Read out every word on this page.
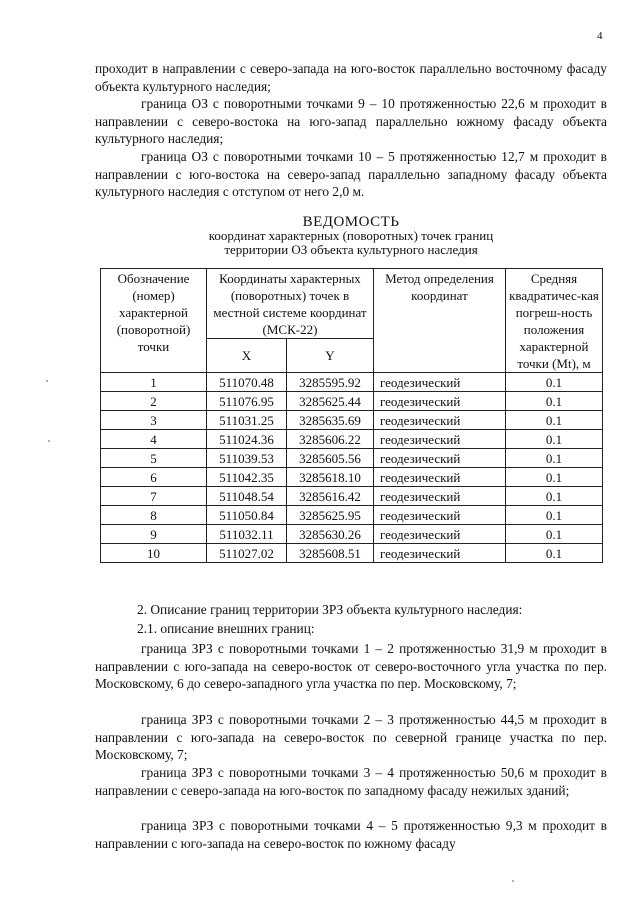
4

проходит в направлении с северо-запада на юго-восток параллельно восточному фасаду объекта культурного наследия;

граница ОЗ с поворотными точками 9 – 10 протяженностью 22,6 м проходит в направлении с северо-востока на юго-запад параллельно южному фасаду объекта культурного наследия;

граница ОЗ с поворотными точками 10 – 5 протяженностью 12,7 м проходит в направлении с юго-востока на северо-запад параллельно западному фасаду объекта культурного наследия с отступом от него 2,0 м.

ВЕДОМОСТЬ
координат характерных (поворотных) точек границ
территории ОЗ объекта культурного наследия
Обозначение (номер) характерной (поворотной) точки	Координаты характерных (поворотных) точек в местной системе координат (МСК-22)		Метод определения координат	Средняя квадратичес-кая погреш-ность положения характерной точки (Mt), м
	X	Y		
1	511070.48	3285595.92	геодезический	0.1
2	511076.95	3285625.44	геодезический	0.1
3	511031.25	3285635.69	геодезический	0.1
4	511024.36	3285606.22	геодезический	0.1
5	511039.53	3285605.56	геодезический	0.1
6	511042.35	3285618.10	геодезический	0.1
7	511048.54	3285616.42	геодезический	0.1
8	511050.84	3285625.95	геодезический	0.1
9	511032.11	3285630.26	геодезический	0.1
10	511027.02	3285608.51	геодезический	0.1
2. Описание границ территории ЗРЗ объекта культурного наследия:
2.1. описание внешних границ:

граница ЗРЗ с поворотными точками 1 – 2 протяженностью 31,9 м проходит в направлении с юго-запада на северо-восток от северо-восточного угла участка по пер. Московскому, 6 до северо-западного угла участка по пер. Московскому, 7;

граница ЗРЗ с поворотными точками 2 – 3 протяженностью 44,5 м проходит в направлении с юго-запада на северо-восток по северной границе участка по пер. Московскому, 7;

граница ЗРЗ с поворотными точками 3 – 4 протяженностью 50,6 м проходит в направлении с северо-запада на юго-восток по западному фасаду нежилых зданий;

граница ЗРЗ с поворотными точками 4 – 5 протяженностью 9,3 м проходит в направлении с юго-запада на северо-восток по южному фасаду
